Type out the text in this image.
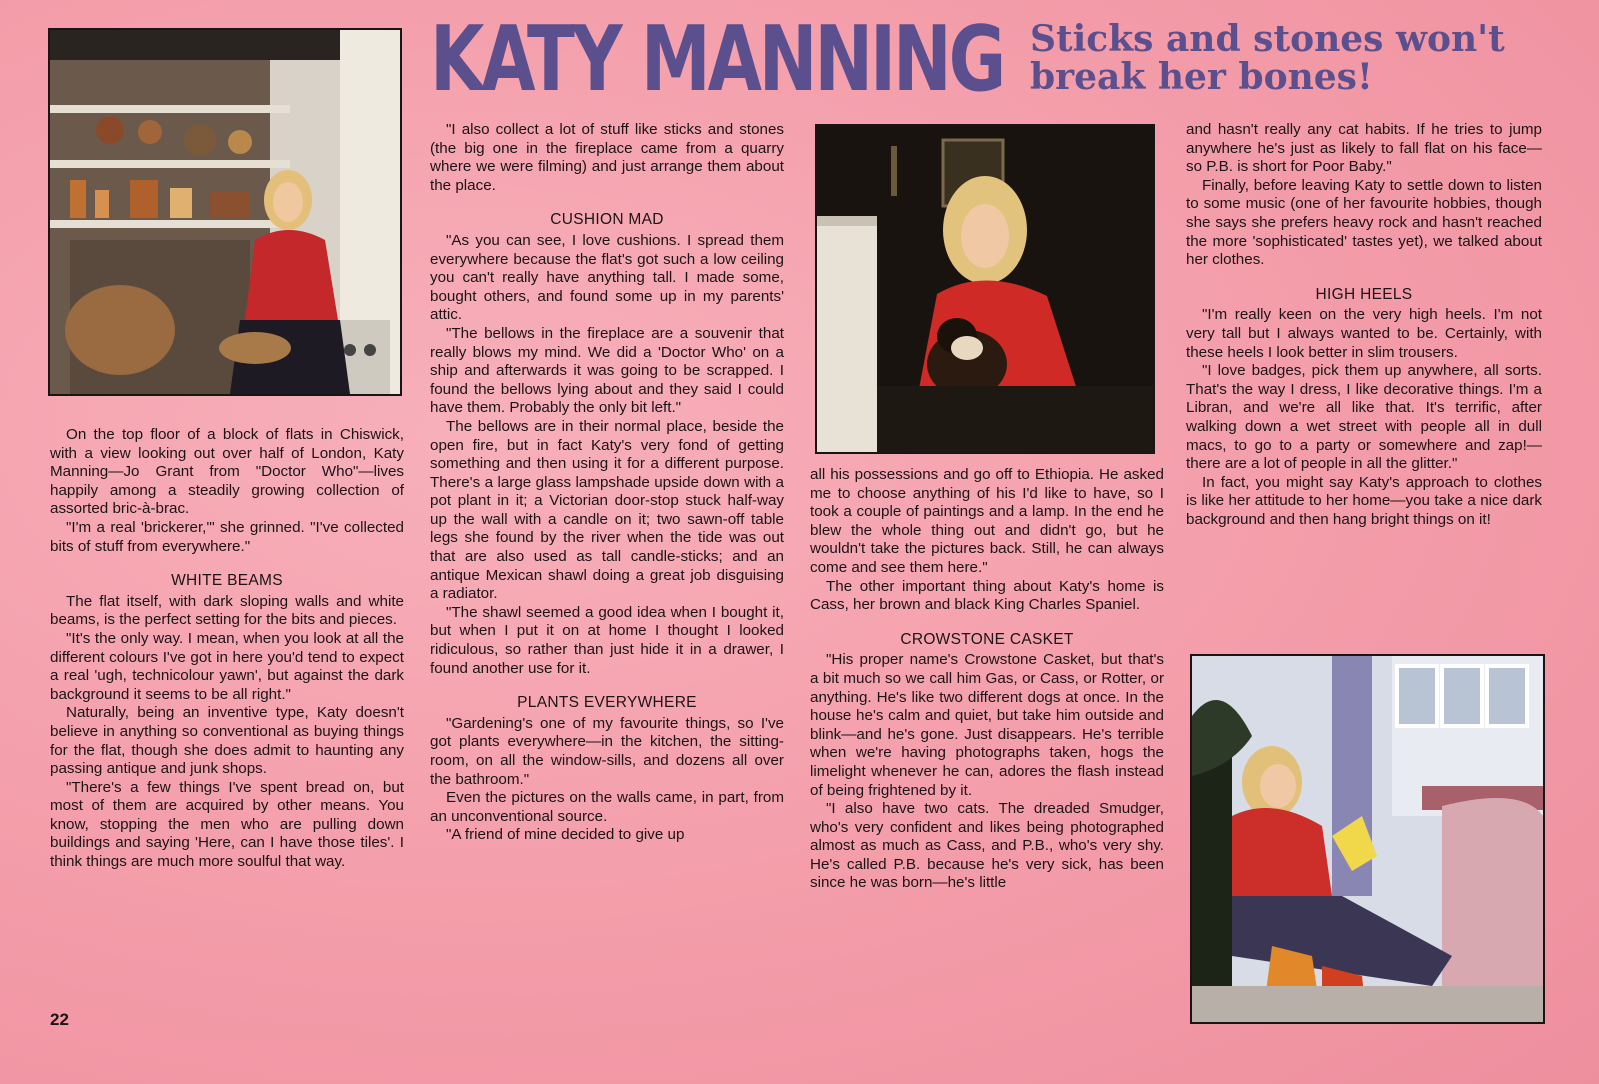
KATY MANNING Sticks and stones won't break her bones!

On the top floor of a block of flats in Chiswick, with a view looking out over half of London, Katy Manning—Jo Grant from "Doctor Who"—lives happily among a steadily growing collection of assorted bric-à-brac.

"I'm a real 'brickerer,'" she grinned. "I've collected bits of stuff from everywhere."

WHITE BEAMS

The flat itself, with dark sloping walls and white beams, is the perfect setting for the bits and pieces.

"It's the only way. I mean, when you look at all the different colours I've got in here you'd tend to expect a real 'ugh, technicolour yawn', but against the dark background it seems to be all right."

Naturally, being an inventive type, Katy doesn't believe in anything so conventional as buying things for the flat, though she does admit to haunting any passing antique and junk shops.

"There's a few things I've spent bread on, but most of them are acquired by other means. You know, stopping the men who are pulling down buildings and saying 'Here, can I have those tiles'. I think things are much more soulful that way.

"I also collect a lot of stuff like sticks and stones (the big one in the fireplace came from a quarry where we were filming) and just arrange them about the place.

CUSHION MAD

"As you can see, I love cushions. I spread them everywhere because the flat's got such a low ceiling you can't really have anything tall. I made some, bought others, and found some up in my parents' attic.

"The bellows in the fireplace are a souvenir that really blows my mind. We did a 'Doctor Who' on a ship and afterwards it was going to be scrapped. I found the bellows lying about and they said I could have them. Probably the only bit left."

The bellows are in their normal place, beside the open fire, but in fact Katy's very fond of getting something and then using it for a different purpose. There's a large glass lampshade upside down with a pot plant in it; a Victorian door-stop stuck half-way up the wall with a candle on it; two sawn-off table legs she found by the river when the tide was out that are also used as tall candle-sticks; and an antique Mexican shawl doing a great job disguising a radiator.

"The shawl seemed a good idea when I bought it, but when I put it on at home I thought I looked ridiculous, so rather than just hide it in a drawer, I found another use for it.

PLANTS EVERYWHERE

"Gardening's one of my favourite things, so I've got plants everywhere—in the kitchen, the sitting-room, on all the window-sills, and dozens all over the bathroom."

Even the pictures on the walls came, in part, from an unconventional source.

"A friend of mine decided to give up

all his possessions and go off to Ethiopia. He asked me to choose anything of his I'd like to have, so I took a couple of paintings and a lamp. In the end he blew the whole thing out and didn't go, but he wouldn't take the pictures back. Still, he can always come and see them here."

The other important thing about Katy's home is Cass, her brown and black King Charles Spaniel.

CROWSTONE CASKET

"His proper name's Crowstone Casket, but that's a bit much so we call him Gas, or Cass, or Rotter, or anything. He's like two different dogs at once. In the house he's calm and quiet, but take him outside and blink—and he's gone. Just disappears. He's terrible when we're having photographs taken, hogs the limelight whenever he can, adores the flash instead of being frightened by it.

"I also have two cats. The dreaded Smudger, who's very confident and likes being photographed almost as much as Cass, and P.B., who's very shy. He's called P.B. because he's very sick, has been since he was born—he's little

and hasn't really any cat habits. If he tries to jump anywhere he's just as likely to fall flat on his face—so P.B. is short for Poor Baby."

Finally, before leaving Katy to settle down to listen to some music (one of her favourite hobbies, though she says she prefers heavy rock and hasn't reached the more 'sophisticated' tastes yet), we talked about her clothes.

HIGH HEELS

"I'm really keen on the very high heels. I'm not very tall but I always wanted to be. Certainly, with these heels I look better in slim trousers.

"I love badges, pick them up anywhere, all sorts. That's the way I dress, I like decorative things. I'm a Libran, and we're all like that. It's terrific, after walking down a wet street with people all in dull macs, to go to a party or somewhere and zap!—there are a lot of people in all the glitter."

In fact, you might say Katy's approach to clothes is like her attitude to her home—you take a nice dark background and then hang bright things on it!

22
